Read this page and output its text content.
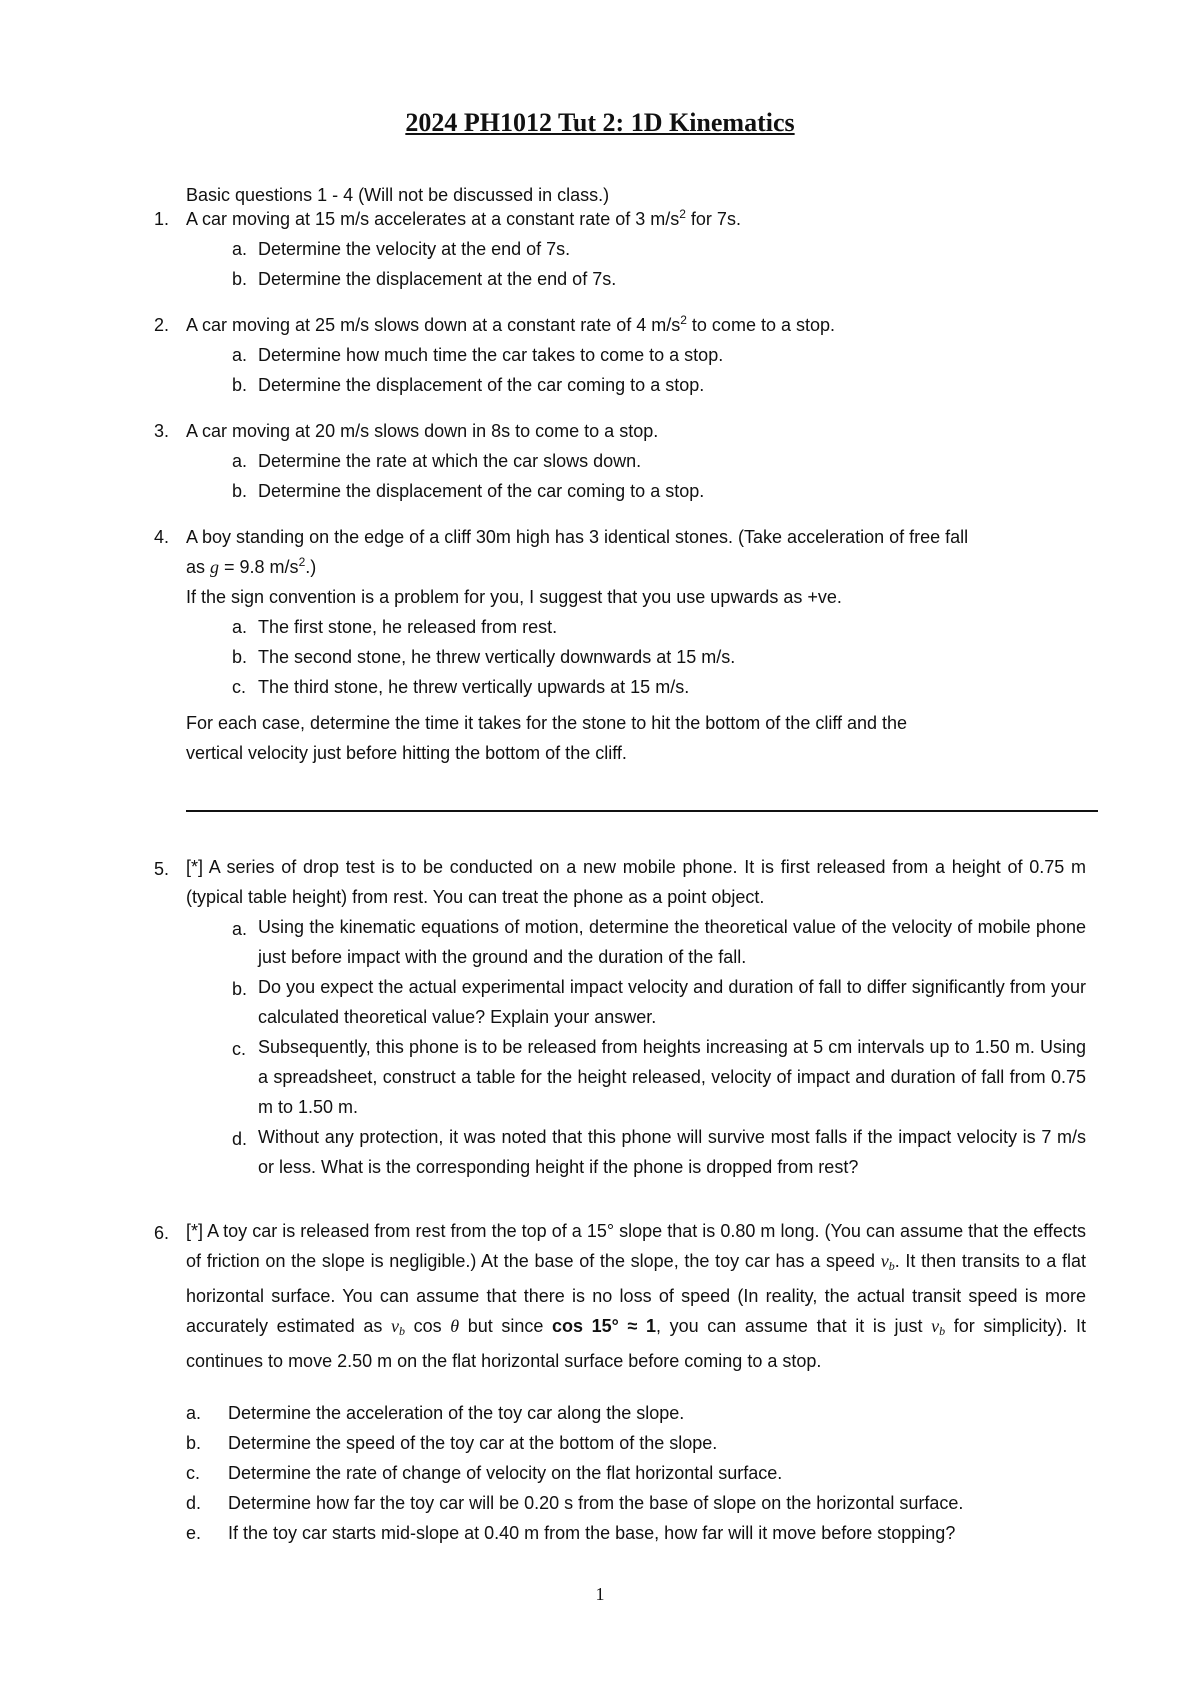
2024 PH1012 Tut 2: 1D Kinematics
Basic questions 1 - 4 (Will not be discussed in class.)
1. A car moving at 15 m/s accelerates at a constant rate of 3 $m/s^2$ for 7s.
a. Determine the velocity at the end of 7s.
b. Determine the displacement at the end of 7s.
2. A car moving at 25 m/s slows down at a constant rate of 4 $m/s^2$ to come to a stop.
a. Determine how much time the car takes to come to a stop.
b. Determine the displacement of the car coming to a stop.
3. A car moving at 20 m/s slows down in 8s to come to a stop.
a. Determine the rate at which the car slows down.
b. Determine the displacement of the car coming to a stop.
4. A boy standing on the edge of a cliff 30m high has 3 identical stones. (Take acceleration of free fall
as g = 9.8 $m/s^2$.)
If the sign convention is a problem for you, I suggest that you use upwards as +ve.
a. The first stone, he released from rest.
b. The second stone, he threw vertically downwards at 15 m/s.
c. The third stone, he threw vertically upwards at 15 m/s.
For each case, determine the time it takes for the stone to hit the bottom of the cliff and the
vertical velocity just before hitting the bottom of the cliff.
5. [*] A series of drop test is to be conducted on a new mobile phone. It is first released from a height of 0.75 m (typical table height) from rest. You can treat the phone as a point object.
a. Using the kinematic equations of motion, determine the theoretical value of the velocity of mobile phone just before impact with the ground and the duration of the fall.
b. Do you expect the actual experimental impact velocity and duration of fall to differ significantly from your calculated theoretical value? Explain your answer.
c. Subsequently, this phone is to be released from heights increasing at 5 cm intervals up to 1.50 m. Using a spreadsheet, construct a table for the height released, velocity of impact and duration of fall from 0.75 m to 1.50 m.
d. Without any protection, it was noted that this phone will survive most falls if the impact velocity is 7 m/s or less. What is the corresponding height if the phone is dropped from rest?
6. [*] A toy car is released from rest from the top of a 15° slope that is 0.80 m long. (You can assume that the effects of friction on the slope is negligible.) At the base of the slope, the toy car has a speed $v_b$. It then transits to a flat horizontal surface. You can assume that there is no loss of speed (In reality, the actual transit speed is more accurately estimated as $v_b$ cos θ but since cos 15° ≈ 1, you can assume that it is just $v_b$ for simplicity). It continues to move 2.50 m on the flat horizontal surface before coming to a stop.
a. Determine the acceleration of the toy car along the slope.
b. Determine the speed of the toy car at the bottom of the slope.
c. Determine the rate of change of velocity on the flat horizontal surface.
d. Determine how far the toy car will be 0.20 s from the base of slope on the horizontal surface.
e. If the toy car starts mid-slope at 0.40 m from the base, how far will it move before stopping?
1
